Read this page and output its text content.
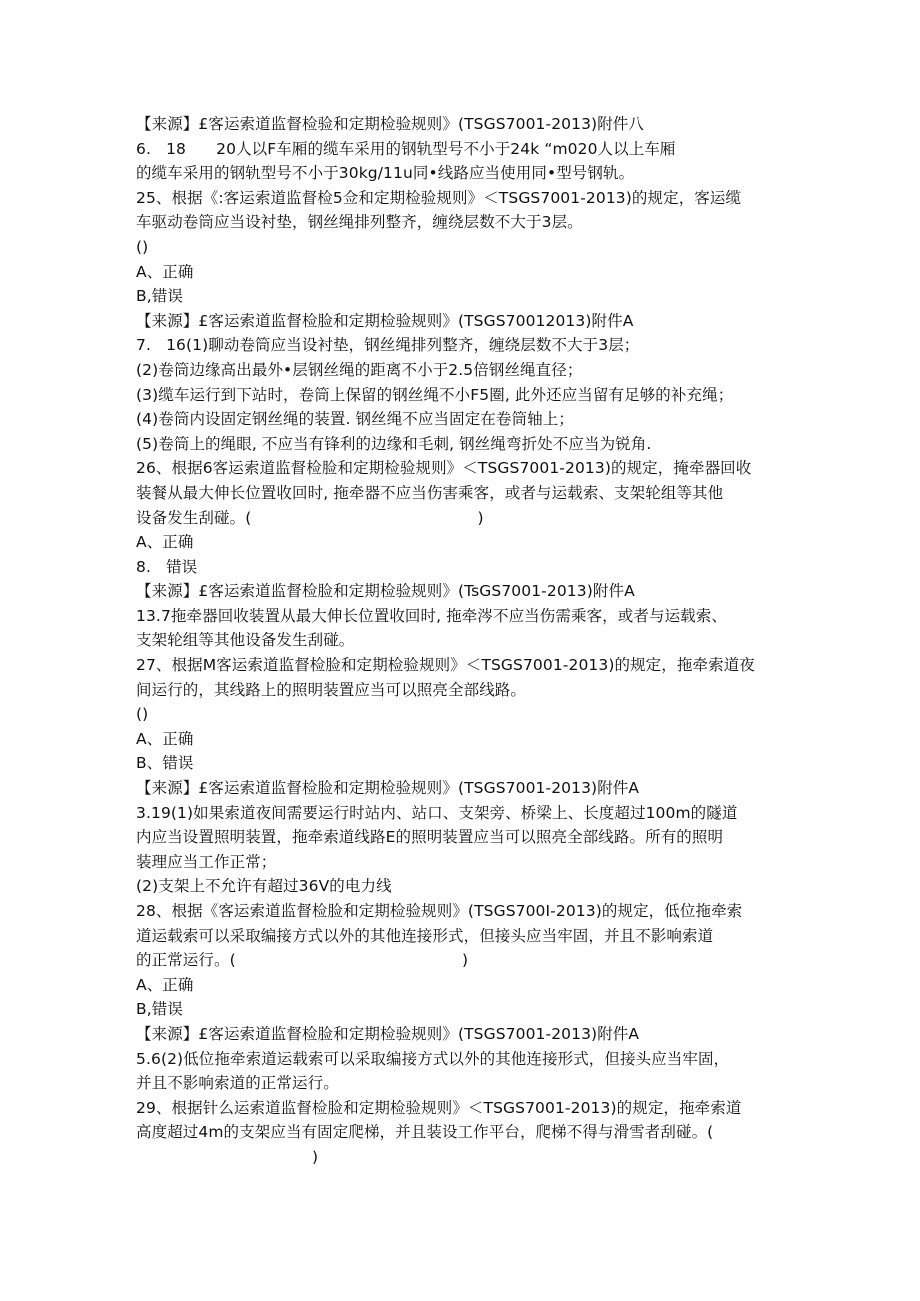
【来源】£客运索道监督检验和定期检验规则》(TSGS7001-2013)附件八
6.   18      20人以F车厢的缆车采用的钢轨型号不小于24k “m020人以上车厢
的缆车采用的钢轨型号不小于30kg/11u同•线路应当使用同•型号钢轨。
25、根据《:客运索道监督检5佥和定期检验规则》＜TSGS7001-2013)的规定，客运缆
车驱动卷筒应当设衬垫，钢丝绳排列整齐，缠绕层数不大于3层。
()
A、正确
B,错误
【来源】£客运索道监督检脸和定期检验规则》(TSGS70012013)附件A
7.   16(1)聊动卷筒应当设衬垫，钢丝绳排列整齐，缠绕层数不大于3层；
(2)卷筒边缘高出最外•层钢丝绳的距离不小于2.5倍钢丝绳直径；
(3)缆车运行到下站时，卷筒上保留的钢丝绳不小F5圈, 此外还应当留有足够的补充绳；
(4)卷筒内设固定钢丝绳的装置. 钢丝绳不应当固定在卷筒轴上；
(5)卷筒上的绳眼, 不应当有锋利的边缘和毛刺, 钢丝绳弯折处不应当为锐角.
26、根据6客运索道监督检脸和定期检验规则》＜TSGS7001-2013)的规定，掩牵器回收
装餐从最大伸长位置收回时, 拖牵器不应当伤害乘客，或者与运载索、支架轮组等其他
设备发生刮碰。(                                             )
A、正确
8.   错误
【来源】£客运索道监督检脸和定期检验规则》(TsGS7001-2013)附件A
13.7拖牵器回收装置从最大伸长位置收回时, 拖牵涔不应当伤需乘客，或者与运载索、
支架轮组等其他设备发生刮碰。
27、根据M客运索道监督检脸和定期检验规则》＜TSGS7001-2013)的规定，拖牵索道夜
间运行的，其线路上的照明装置应当可以照亮全部线路。
()
A、正确
B、错误
【来源】£客运索道监督检脸和定期检验规则》(TSGS7001-2013)附件A
3.19(1)如果索道夜间需要运行时站内、站口、支架旁、桥梁上、长度超过100m的隧道
内应当设置照明装置，拖牵索道线路E的照明装置应当可以照亮全部线路。所有的照明
装理应当工作正常；
(2)支架上不允许有超过36V的电力线
28、根据《客运索道监督检脸和定期检验规则》(TSGS700I-2013)的规定，低位拖牵索
道运载索可以采取编接方式以外的其他连接形式，但接头应当牢固，并且不影响索道
的正常运行。(                                             )
A、正确
B,错误
【来源】£客运索道监督检脸和定期检验规则》(TSGS7001-2013)附件A
5.6(2)低位拖牵索道运载索可以采取编接方式以外的其他连接形式，但接头应当牢固，
并且不影响索道的正常运行。
29、根据针么运索道监督检脸和定期检验规则》＜TSGS7001-2013)的规定，拖牵索道
高度超过4m的支架应当有固定爬梯，并且装设工作平台，爬梯不得与滑雪者刮碰。(
)
